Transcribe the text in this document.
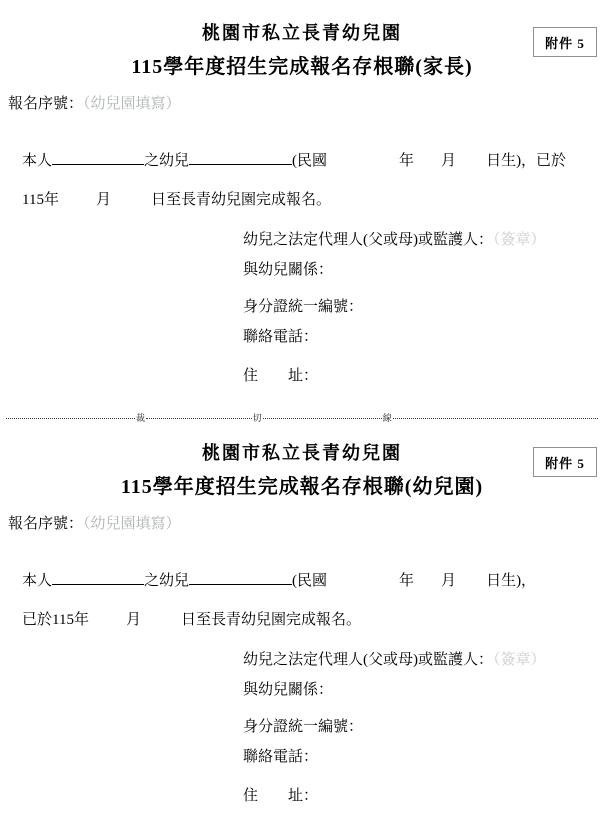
桃園市私立長青幼兒園	附件 5
115學年度招生完成報名存根聯(家長)
報名序號：（幼兒園填寫）
本人	之幼兒	(民國	年 月 日生)，已於
115年 月	日至長青幼兒園完成報名。
幼兒之法定代理人(父或母)或監護人：（簽章）
與幼兒關係：
身分證統一編號：
聯絡電話：
住　　址：
裁	切	線
桃園市私立長青幼兒園	附件 5
115學年度招生完成報名存根聯(幼兒園)
報名序號：（幼兒園填寫）
本人	之幼兒	(民國	年 月 日生)，
已於115年 月	日至長青幼兒園完成報名。
幼兒之法定代理人(父或母)或監護人：（簽章）
與幼兒關係：
身分證統一編號：
聯絡電話：
住　　址：
